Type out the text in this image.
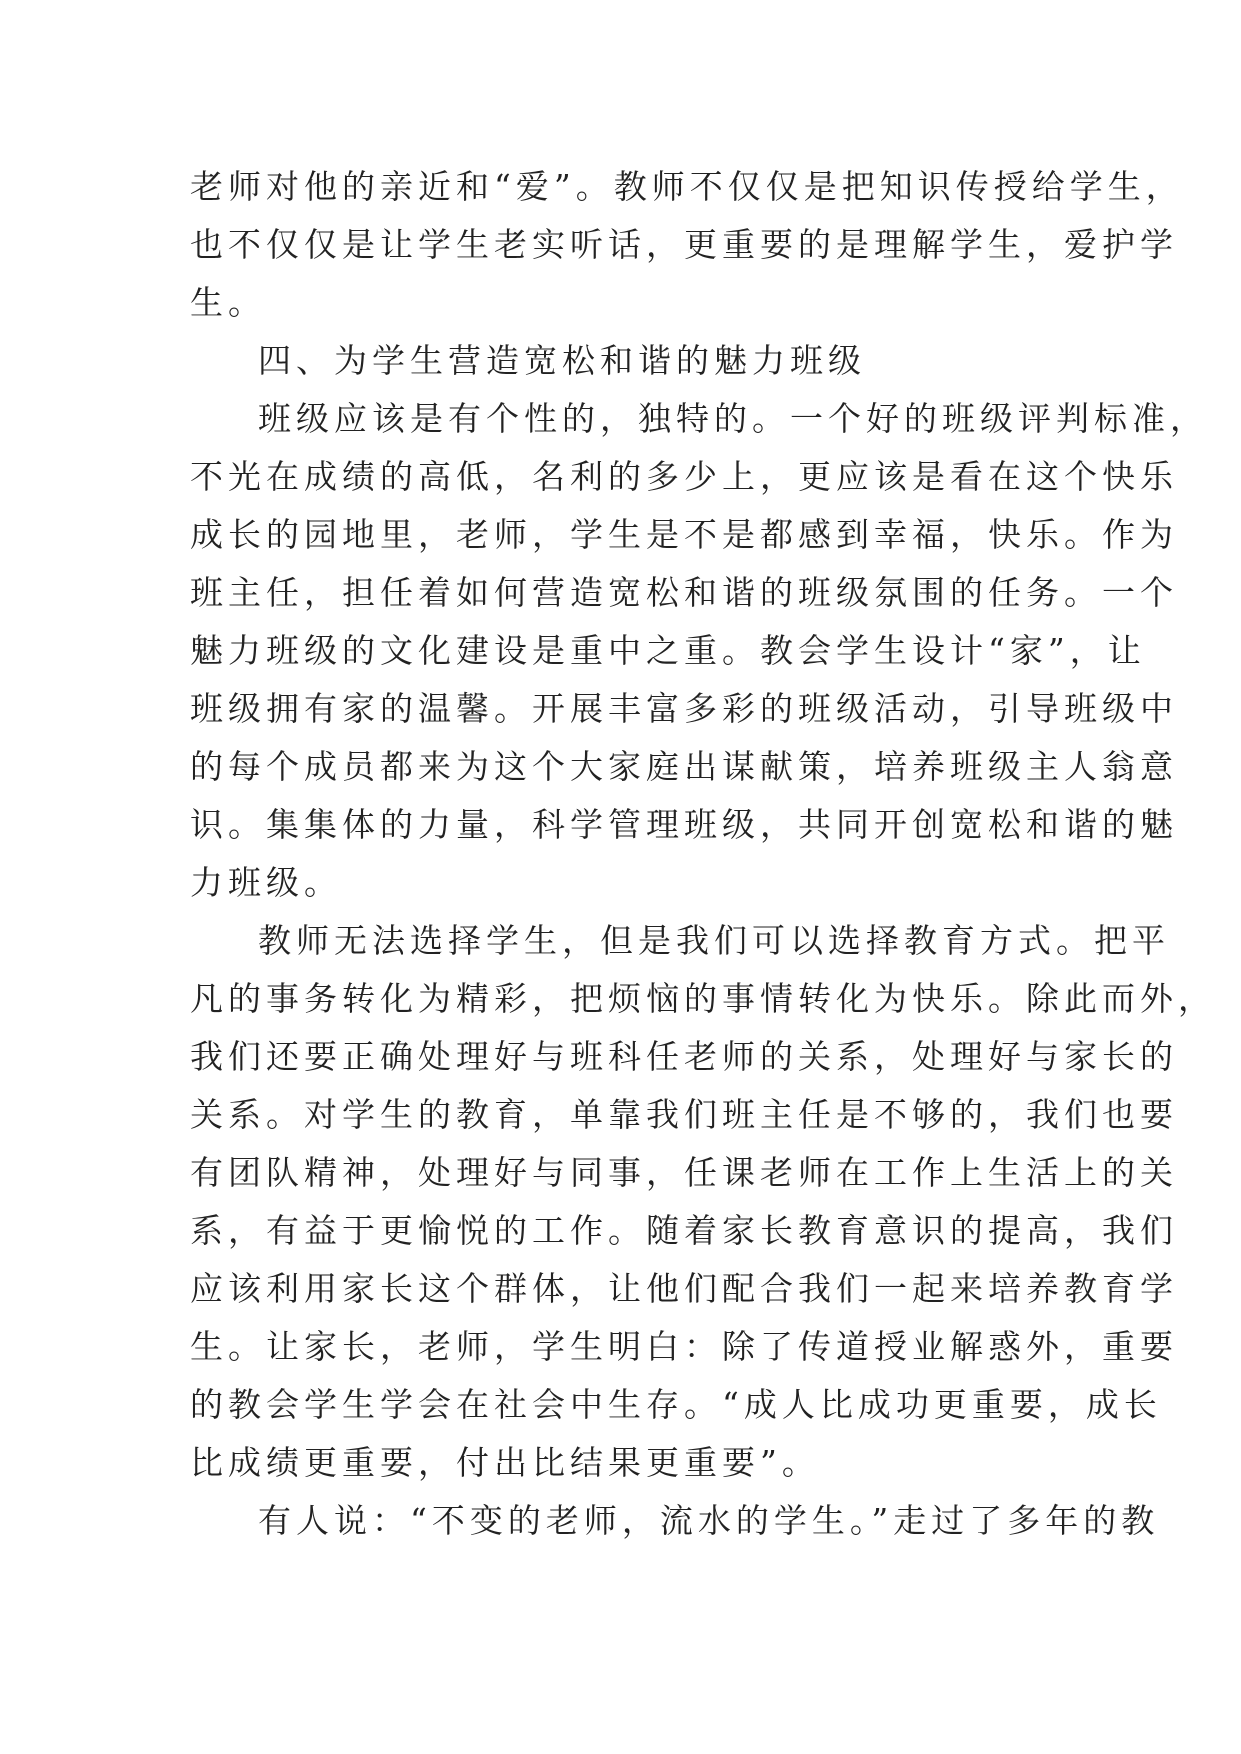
老师对他的亲近和“爱”。教师不仅仅是把知识传授给学生，
也不仅仅是让学生老实听话，更重要的是理解学生，爱护学
生。
四、为学生营造宽松和谐的魅力班级
班级应该是有个性的，独特的。一个好的班级评判标准，
不光在成绩的高低，名利的多少上，更应该是看在这个快乐
成长的园地里，老师，学生是不是都感到幸福，快乐。作为
班主任，担任着如何营造宽松和谐的班级氛围的任务。一个
魅力班级的文化建设是重中之重。教会学生设计“家”，让
班级拥有家的温馨。开展丰富多彩的班级活动，引导班级中
的每个成员都来为这个大家庭出谋献策，培养班级主人翁意
识。集集体的力量，科学管理班级，共同开创宽松和谐的魅
力班级。
教师无法选择学生，但是我们可以选择教育方式。把平
凡的事务转化为精彩，把烦恼的事情转化为快乐。除此而外，
我们还要正确处理好与班科任老师的关系，处理好与家长的
关系。对学生的教育，单靠我们班主任是不够的，我们也要
有团队精神，处理好与同事，任课老师在工作上生活上的关
系，有益于更愉悦的工作。随着家长教育意识的提高，我们
应该利用家长这个群体，让他们配合我们一起来培养教育学
生。让家长，老师，学生明白：除了传道授业解惑外，重要
的教会学生学会在社会中生存。“成人比成功更重要，成长
比成绩更重要，付出比结果更重要”。
有人说：“不变的老师，流水的学生。”走过了多年的教
